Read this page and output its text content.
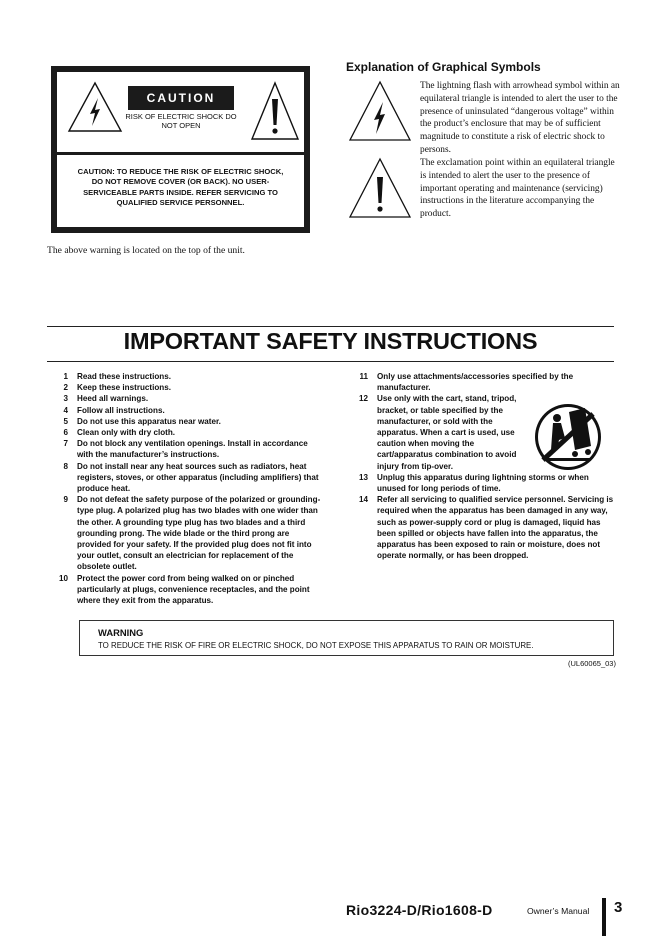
CAUTION
RISK OF ELECTRIC SHOCK DO NOT OPEN
CAUTION: TO REDUCE THE RISK OF ELECTRIC SHOCK, DO NOT REMOVE COVER (OR BACK). NO USER-SERVICEABLE PARTS INSIDE. REFER SERVICING TO QUALIFIED SERVICE PERSONNEL.
The above warning is located on the top of the unit.
Explanation of Graphical Symbols
The lightning flash with arrowhead symbol within an equilateral triangle is intended to alert the user to the presence of uninsulated “dangerous voltage” within the product’s enclosure that may be of sufficient magnitude to constitute a risk of electric shock to persons.
The exclamation point within an equilateral triangle is intended to alert the user to the presence of important operating and maintenance (servicing) instructions in the literature accompanying the product.
IMPORTANT SAFETY INSTRUCTIONS
1 Read these instructions.
2 Keep these instructions.
3 Heed all warnings.
4 Follow all instructions.
5 Do not use this apparatus near water.
6 Clean only with dry cloth.
7 Do not block any ventilation openings. Install in accordance with the manufacturer’s instructions.
8 Do not install near any heat sources such as radiators, heat registers, stoves, or other apparatus (including amplifiers) that produce heat.
9 Do not defeat the safety purpose of the polarized or grounding-type plug. A polarized plug has two blades with one wider than the other. A grounding type plug has two blades and a third grounding prong. The wide blade or the third prong are provided for your safety. If the provided plug does not fit into your outlet, consult an electrician for replacement of the obsolete outlet.
10 Protect the power cord from being walked on or pinched particularly at plugs, convenience receptacles, and the point where they exit from the apparatus.
11 Only use attachments/accessories specified by the manufacturer.
12 Use only with the cart, stand, tripod, bracket, or table specified by the manufacturer, or sold with the apparatus. When a cart is used, use caution when moving the cart/apparatus combination to avoid injury from tip-over.
13 Unplug this apparatus during lightning storms or when unused for long periods of time.
14 Refer all servicing to qualified service personnel. Servicing is required when the apparatus has been damaged in any way, such as power-supply cord or plug is damaged, liquid has been spilled or objects have fallen into the apparatus, the apparatus has been exposed to rain or moisture, does not operate normally, or has been dropped.
WARNING
TO REDUCE THE RISK OF FIRE OR ELECTRIC SHOCK, DO NOT EXPOSE THIS APPARATUS TO RAIN OR MOISTURE.
(UL60065_03)
Rio3224-D/Rio1608-D	Owner’s Manual 3
